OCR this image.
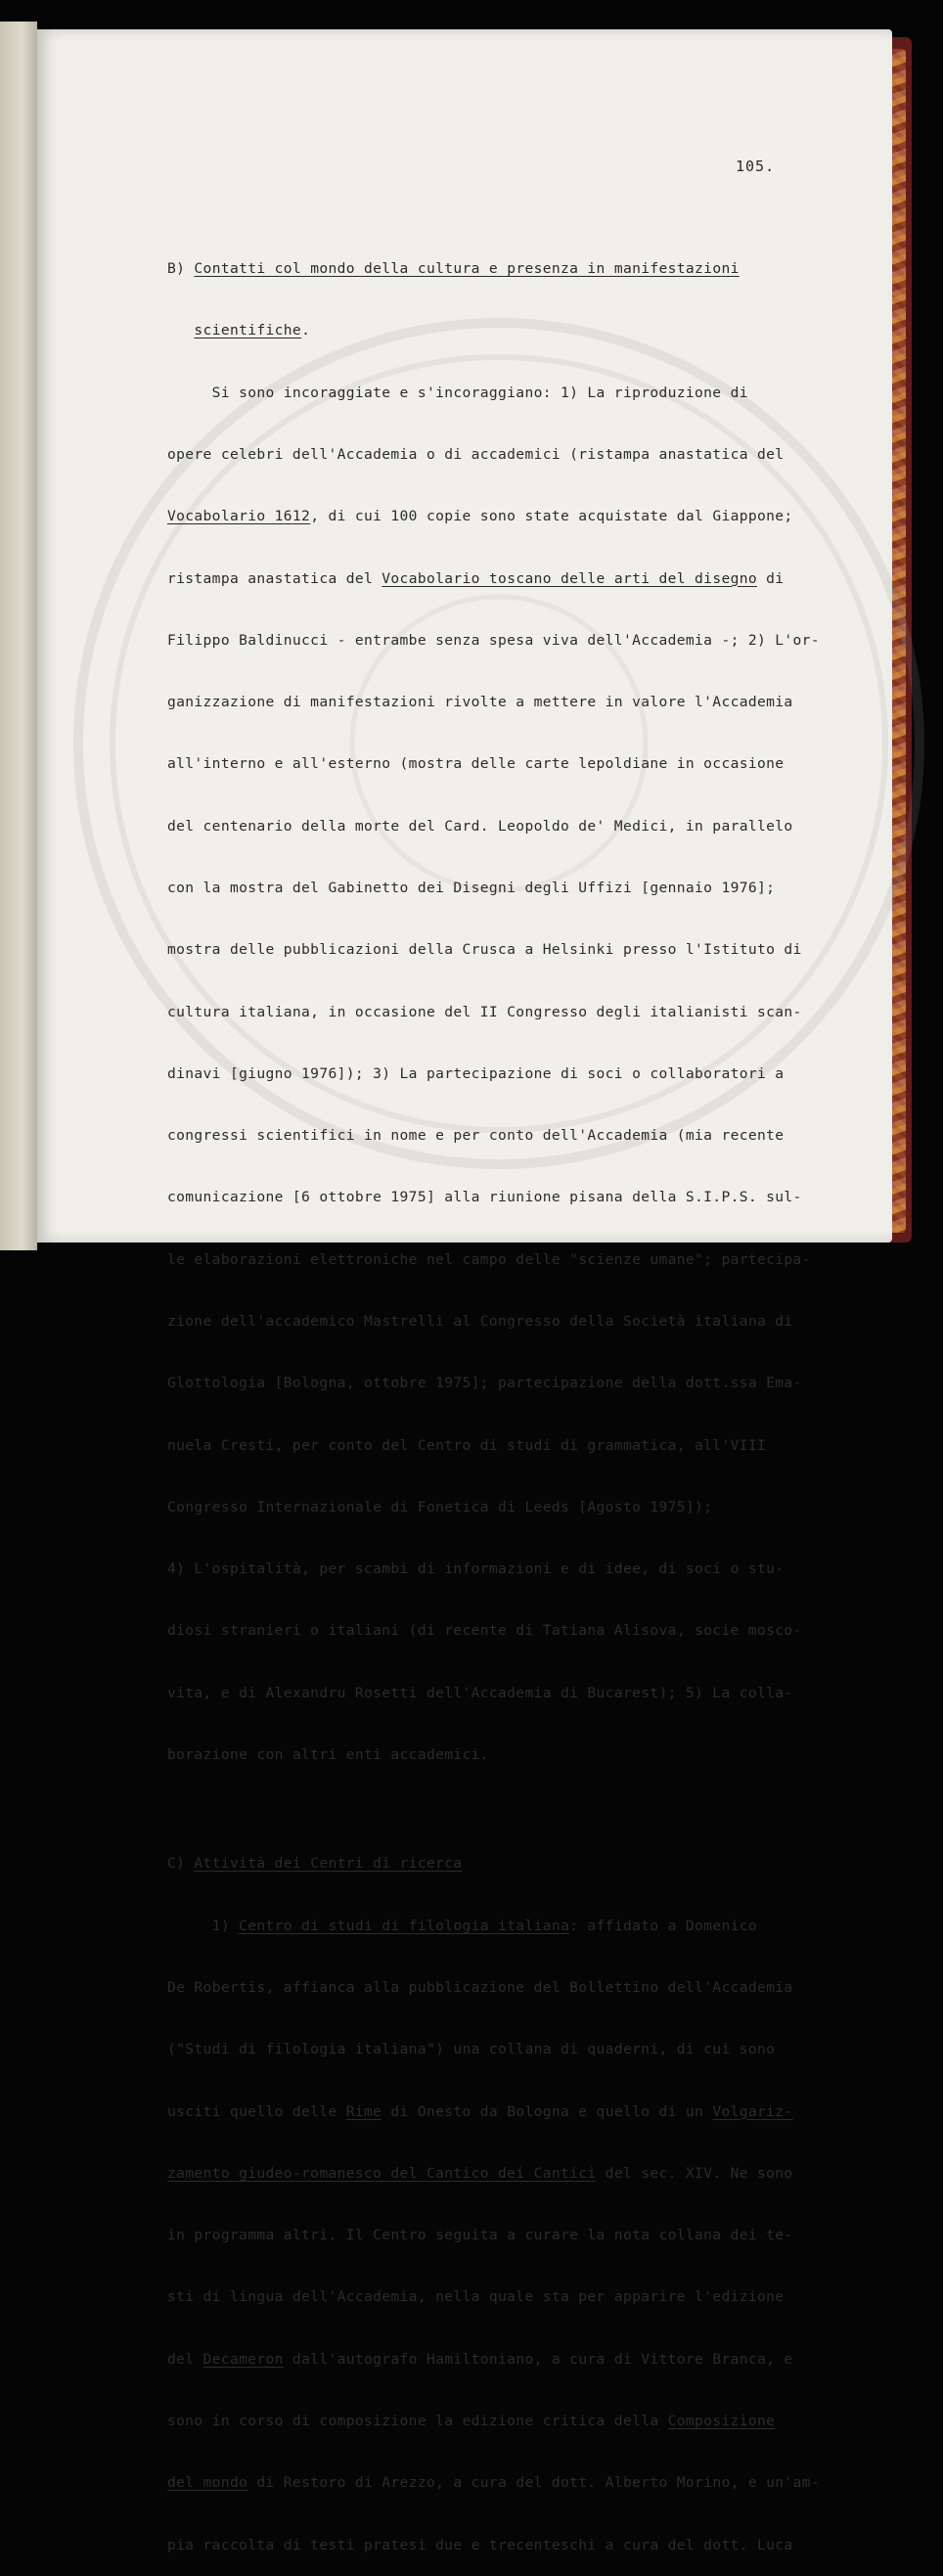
105.

B) Contatti col mondo della cultura e presenza in manifestazioni

scientifiche.

Si sono incoraggiate e s'incoraggiano: 1) La riproduzione di

opere celebri dell'Accademia o di accademici (ristampa anastatica del

Vocabolario 1612, di cui 100 copie sono state acquistate dal Giappone;

ristampa anastatica del Vocabolario toscano delle arti del disegno di

Filippo Baldinucci - entrambe senza spesa viva dell'Accademia -; 2) L'or-

ganizzazione di manifestazioni rivolte a mettere in valore l'Accademia

all'interno e all'esterno (mostra delle carte lepoldiane in occasione

del centenario della morte del Card. Leopoldo de' Medici, in parallelo

con la mostra del Gabinetto dei Disegni degli Uffizi [gennaio 1976];

mostra delle pubblicazioni della Crusca a Helsinki presso l'Istituto di

cultura italiana, in occasione del II Congresso degli italianisti scan-

dinavi [giugno 1976]); 3) La partecipazione di soci o collaboratori a

congressi scientifici in nome e per conto dell'Accademia (mia recente

comunicazione [6 ottobre 1975] alla riunione pisana della S.I.P.S. sul-

le elaborazioni elettroniche nel campo delle "scienze umane"; partecipa-

zione dell'accademico Mastrelli al Congresso della Società italiana di

Glottologia [Bologna, ottobre 1975]; partecipazione della dott.ssa Ema-

nuela Cresti, per conto del Centro di studi di grammatica, all'VIII

Congresso Internazionale di Fonetica di Leeds [Agosto 1975]);

4) L'ospitalità, per scambi di informazioni e di idee, di soci o stu-

diosi stranieri o italiani (di recente di Tatiana Alisova, socie mosco-

vita, e di Alexandru Rosetti dell'Accademia di Bucarest); 5) La colla-

borazione con altri enti accademici.

C) Attività dei Centri di ricerca

1) Centro di studi di filologia italiana: affidato a Domenico

De Robertis, affianca alla pubblicazione del Bollettino dell'Accademia

("Studi di filologia italiana") una collana di quaderni, di cui sono

usciti quello delle Rime di Onesto da Bologna e quello di un Volgariz-

zamento giudeo-romanesco del Cantico dei Cantici del sec. XIV. Ne sono

in programma altri. Il Centro seguita a curare la nota collana dei te-

sti di lingua dell'Accademia, nella quale sta per apparire l'edizione

del Decameron dall'autografo Hamiltoniano, a cura di Vittore Branca, e

sono in corso di composizione la edizione critica della Composizione

del mondo di Restoro di Arezzo, a cura del dott. Alberto Morino, e un'am-

pia raccolta di testi pratesi due e trecenteschi a cura del dott. Luca
